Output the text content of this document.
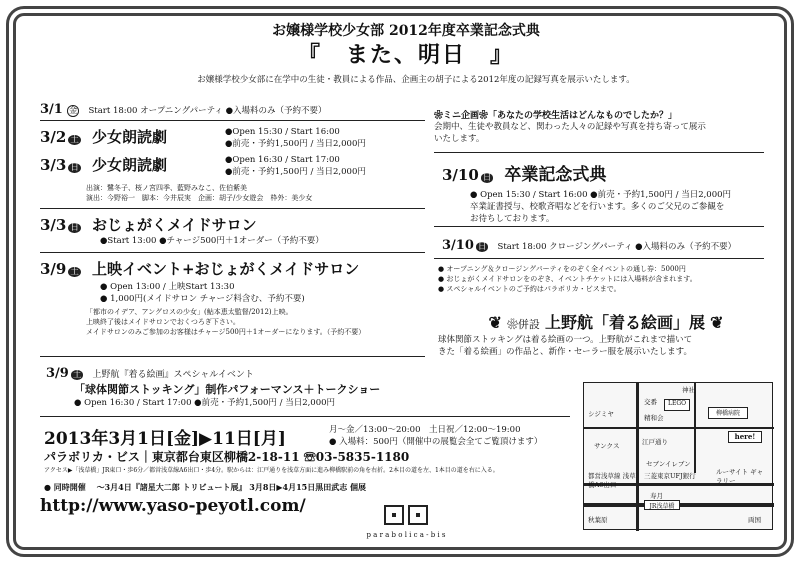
お嬢様学校少女部 2012年度卒業記念式典
『　また、明日　』
お嬢様学校少女部に在学中の生徒・教員による作品、企画主の胡子による2012年度の記録写真を展示いたします。
3/1 金 Start 18:00 オープニングパーティ ●入場料のみ（予約不要）
3/2 土 少女朗読劇	●Open 15:30 / Start 16:00
●前売・予約1,500円 / 当日2,000円
3/3 日 少女朗読劇	●Open 16:30 / Start 17:00
●前売・予約1,500円 / 当日2,000円
出演：鷺冬子、桜ノ宮四季、藍野みなこ、佐伯紫美
演出：今野裕一　脚本：今井辰実　企画：胡子/少女遊会　枠外：美少女
3/3 日 おじょがくメイドサロン
●Start 13:00 ●チャージ500円＋1オーダー（予約不要）
3/9 土 上映イベント+おじょがくメイドサロン
● Open 13:00 / 上映Start 13:30
● 1,000円(メイドサロン チャージ料含む、予約不要)
「都市のイデア、アングロスの少女」(鮎本恵太監督/2012)上映。
上映終了後はメイドサロンでおくつろぎ下さい。
メイドサロンのみご参加のお客様はチャージ500円＋1オーダーになります。（予約不要）
3/9 土 上野航『着る絵画』スペシャルイベント
「球体関節ストッキング」制作パフォーマンス＋トークショー
● Open 16:30 / Start 17:00 ●前売・予約1,500円 / 当日2,000円
❀ミニ企画❀「あなたの学校生活はどんなものでしたか？」
会期中、生徒や教員など、関わった人々の記録や写真を持ち寄って展示
いたします。
3/10 日 卒業記念式典
● Open 15:30 / Start 16:00 ●前売・予約1,500円 / 当日2,000円
卒業証書授与、校歌斉唱などを行います。多くのご父兄のご参観を
お待ちしております。
3/10 日 Start 18:00 クロージングパーティ ●入場料のみ（予約不要）
● オープニング＆クロージングパーティをのぞく全イベントの通し券：5000円
● おじょがくメイドサロンをのぞき、イベントチケットには入場料が含まれます。
● スペシャルイベントのご予約はパラボリカ・ビスまで。
❦ ❀併設 上野航「着る絵画」展 ❦
球体関節ストッキングは着る絵画の一つ。上野航がこれまで描いて
きた「着る絵画」の作品と、新作・セーラー服を展示いたします。
2013年3月1日[金]▶11日[月]	月～金／13:00～20:00　土日祝／12:00～19:00
● 入場料：500円（開催中の展覧会全てご覧頂けます）
パラボリカ・ビス｜東京都台東区柳橋2-18-11 ☏03-5835-1180
アクセス▶「浅草橋」JR東口・歩6分／都営浅草線A6出口・歩4分。駅からは：江戸通りを浅草方面に進み柳橋駅前の角を右折。2本目の道を左、1本目の道を右に入る。
● 同時開催 〜3月4日『諸星大二郎 トリビュート展』 3月8日▶4月15日黒田武志 個展
http://www.yaso-peyotl.com/
p a r a b o l i c a - b i s
神社
交番	LEGO
柳橋病院
シジミヤ	精和会
サンクス	江戸通り
here!
セブンイレブン
三菱東京UFJ銀行
都営浅草線 浅草橋A6出口
ルーサイト ギャラリー
寿月
JR浅草橋
秋葉原	両国
